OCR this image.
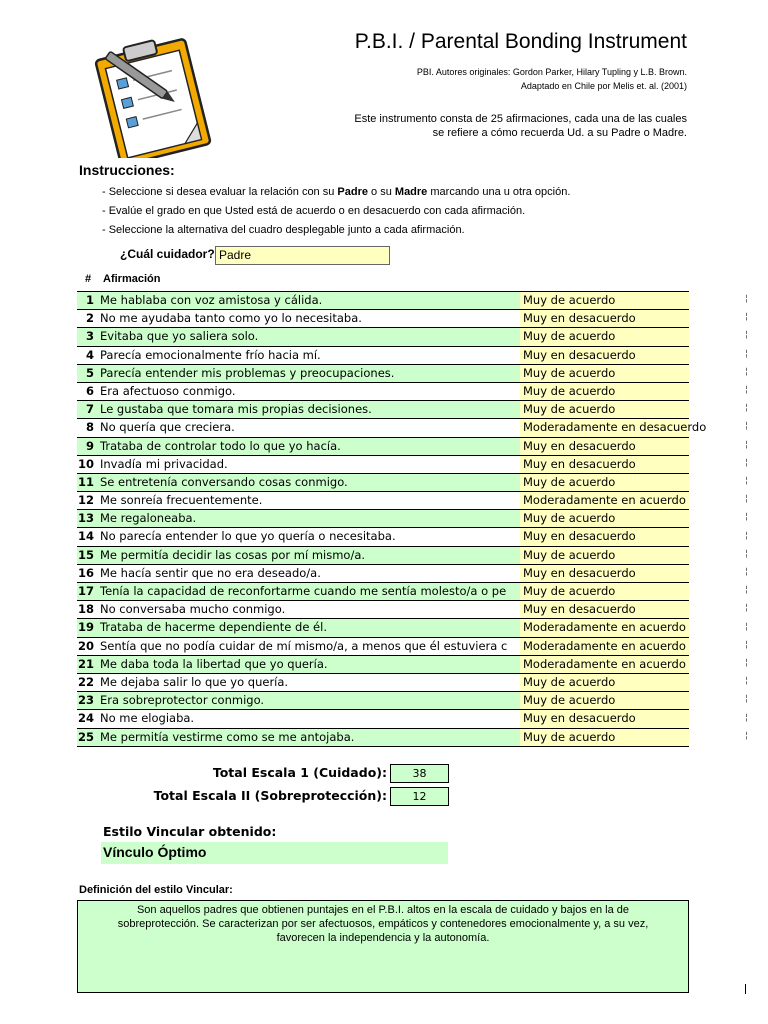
P.B.I. / Parental Bonding Instrument
PBI. Autores originales: Gordon Parker, Hilary Tupling y L.B. Brown.
Adaptado en Chile por Melis et. al. (2001)
Este instrumento consta de 25 afirmaciones, cada una de las cuales
se refiere a cómo recuerda Ud. a su Padre o Madre.
Instrucciones:
- Seleccione si desea evaluar la relación con su Padre o su Madre marcando una u otra opción.
- Evalúe el grado en que Usted está de acuerdo o en desacuerdo con cada afirmación.
- Seleccione la alternativa del cuadro desplegable junto a cada afirmación.
¿Cuál cuidador? Padre
# Afirmación
1 Me hablaba con voz amistosa y cálida.	Muy de acuerdo
2 No me ayudaba tanto como yo lo necesitaba.	Muy en desacuerdo
3 Evitaba que yo saliera solo.	Muy de acuerdo
4 Parecía emocionalmente frío hacia mí.	Muy en desacuerdo
5 Parecía entender mis problemas y preocupaciones.	Muy de acuerdo
6 Era afectuoso conmigo.	Muy de acuerdo
7 Le gustaba que tomara mis propias decisiones.	Muy de acuerdo
8 No quería que creciera.	Moderadamente en desacuerdo
9 Trataba de controlar todo lo que yo hacía.	Muy en desacuerdo
10 Invadía mi privacidad.	Muy en desacuerdo
11 Se entretenía conversando cosas conmigo.	Muy de acuerdo
12 Me sonreía frecuentemente.	Moderadamente en acuerdo
13 Me regaloneaba.	Muy de acuerdo
14 No parecía entender lo que yo quería o necesitaba.	Muy en desacuerdo
15 Me permitía decidir las cosas por mí mismo/a.	Muy de acuerdo
16 Me hacía sentir que no era deseado/a.	Muy en desacuerdo
17 Tenía la capacidad de reconfortarme cuando me sentía molesto/a o pe	Muy de acuerdo
18 No conversaba mucho conmigo.	Muy en desacuerdo
19 Trataba de hacerme dependiente de él.	Moderadamente en acuerdo
20 Sentía que no podía cuidar de mí mismo/a, a menos que él estuviera c	Moderadamente en acuerdo
21 Me daba toda la libertad que yo quería.	Moderadamente en acuerdo
22 Me dejaba salir lo que yo quería.	Muy de acuerdo
23 Era sobreprotector conmigo.	Muy de acuerdo
24 No me elogiaba.	Muy en desacuerdo
25 Me permitía vestirme como se me antojaba.	Muy de acuerdo
¦
¦
¦
¦
¦
¦
¦
¦
¦
¦
¦
¦
¦
¦
¦
¦
¦
¦
¦
¦
¦
¦
¦
¦
¦
Total Escala 1 (Cuidado):	38
Total Escala II (Sobreprotección):	12
Estilo Vincular obtenido:
Vínculo Óptimo
Definición del estilo Vincular:
Son aquellos padres que obtienen puntajes en el P.B.I. altos en la escala de cuidado y bajos en la de sobreprotección. Se caracterizan por ser afectuosos, empáticos y contenedores emocionalmente y, a su vez, favorecen la independencia y la autonomía.
